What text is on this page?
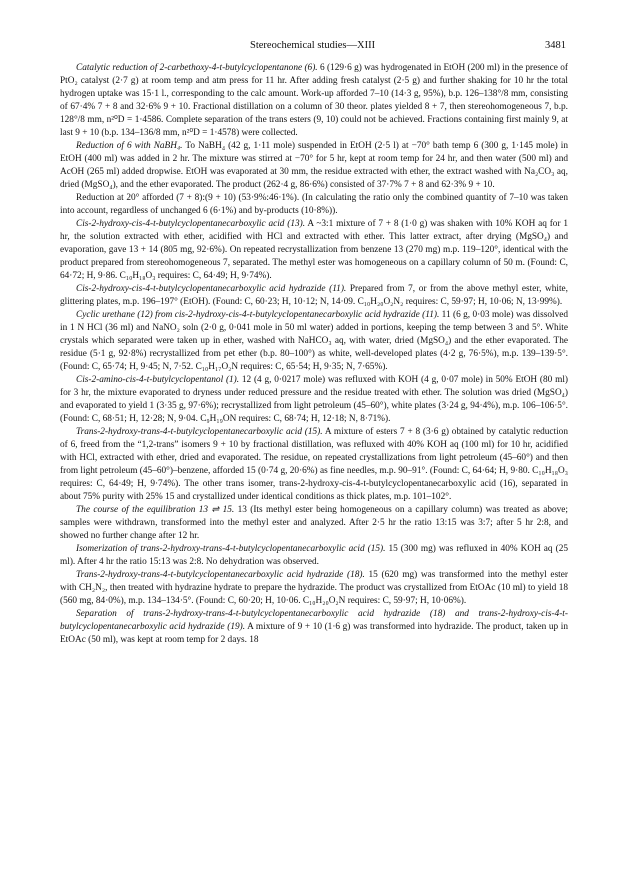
Stereochemical studies—XIII	3481

Catalytic reduction of 2-carbethoxy-4-t-butylcyclopentanone (6). 6 (129·6 g) was hydrogenated in EtOH (200 ml) in the presence of PtO₂ catalyst (2·7 g) at room temp and atm press for 11 hr. After adding fresh catalyst (2·5 g) and further shaking for 10 hr the total hydrogen uptake was 15·1 l., corresponding to the calc amount. Work-up afforded 7–10 (14·3 g, 95%), b.p. 126–138°/8 mm, consisting of 67·4% 7 + 8 and 32·6% 9 + 10. Fractional distillation on a column of 30 theor. plates yielded 8 + 7, then stereohomogeneous 7, b.p. 128°/8 mm, n²⁰D = 1·4586. Complete separation of the trans esters (9, 10) could not be achieved. Fractions containing first mainly 9, at last 9 + 10 (b.p. 134–136/8 mm, n²⁰D = 1·4578) were collected.

Reduction of 6 with NaBH₄. To NaBH₄ (42 g, 1·11 mole) suspended in EtOH (2·5 l) at −70° bath temp 6 (300 g, 1·145 mole) in EtOH (400 ml) was added in 2 hr. The mixture was stirred at −70° for 5 hr, kept at room temp for 24 hr, and then water (500 ml) and AcOH (265 ml) added dropwise. EtOH was evaporated at 30 mm, the residue extracted with ether, the extract washed with Na₂CO₃ aq, dried (MgSO₄), and the ether evaporated. The product (262·4 g, 86·6%) consisted of 37·7% 7 + 8 and 62·3% 9 + 10.

Reduction at 20° afforded (7 + 8):(9 + 10) (53·9%:46·1%). (In calculating the ratio only the combined quantity of 7–10 was taken into account, regardless of unchanged 6 (6·1%) and by-products (10·8%)).

Cis-2-hydroxy-cis-4-t-butylcyclopentanecarboxylic acid (13). A ~3:1 mixture of 7 + 8 (1·0 g) was shaken with 10% KOH aq for 1 hr, the solution extracted with ether, acidified with HCl and extracted with ether. This latter extract, after drying (MgSO₄) and evaporation, gave 13 + 14 (805 mg, 92·6%). On repeated recrystallization from benzene 13 (270 mg) m.p. 119–120°, identical with the product prepared from stereohomogeneous 7, separated. The methyl ester was homogeneous on a capillary column of 50 m. (Found: C, 64·72; H, 9·86. C₁₀H₁₈O₃ requires: C, 64·49; H, 9·74%).

Cis-2-hydroxy-cis-4-t-butylcyclopentanecarboxylic acid hydrazide (11). Prepared from 7, or from the above methyl ester, white, glittering plates, m.p. 196–197° (EtOH). (Found: C, 60·23; H, 10·12; N, 14·09. C₁₀H₂₀O₂N₂ requires: C, 59·97; H, 10·06; N, 13·99%).

Cyclic urethane (12) from cis-2-hydroxy-cis-4-t-butylcyclopentanecarboxylic acid hydrazide (11). 11 (6 g, 0·03 mole) was dissolved in 1 N HCl (36 ml) and NaNO₂ soln (2·0 g, 0·041 mole in 50 ml water) added in portions, keeping the temp between 3 and 5°. White crystals which separated were taken up in ether, washed with NaHCO₃ aq, with water, dried (MgSO₄) and the ether evaporated. The residue (5·1 g, 92·8%) recrystallized from pet ether (b.p. 80–100°) as white, well-developed plates (4·2 g, 76·5%), m.p. 139–139·5°. (Found: C, 65·74; H, 9·45; N, 7·52. C₁₀H₁₇O₂N requires: C, 65·54; H, 9·35; N, 7·65%).

Cis-2-amino-cis-4-t-butylcyclopentanol (1). 12 (4 g, 0·0217 mole) was refluxed with KOH (4 g, 0·07 mole) in 50% EtOH (80 ml) for 3 hr, the mixture evaporated to dryness under reduced pressure and the residue treated with ether. The solution was dried (MgSO₄) and evaporated to yield 1 (3·35 g, 97·6%); recrystallized from light petroleum (45–60°), white plates (3·24 g, 94·4%), m.p. 106–106·5°. (Found: C, 68·51; H, 12·28; N, 9·04. C₉H₁₉ON requires: C, 68·74; H, 12·18; N, 8·71%).

Trans-2-hydroxy-trans-4-t-butylcyclopentanecarboxylic acid (15). A mixture of esters 7 + 8 (3·6 g) obtained by catalytic reduction of 6, freed from the “1,2-trans” isomers 9 + 10 by fractional distillation, was refluxed with 40% KOH aq (100 ml) for 10 hr, acidified with HCl, extracted with ether, dried and evaporated. The residue, on repeated crystallizations from light petroleum (45–60°) and then from light petroleum (45–60°)–benzene, afforded 15 (0·74 g, 20·6%) as fine needles, m.p. 90–91°. (Found: C, 64·64; H, 9·80. C₁₀H₁₈O₃ requires: C, 64·49; H, 9·74%). The other trans isomer, trans-2-hydroxy-cis-4-t-butylcyclopentanecarboxylic acid (16), separated in about 75% purity with 25% 15 and crystallized under identical conditions as thick plates, m.p. 101–102°.

The course of the equilibration 13 ⇌ 15. 13 (Its methyl ester being homogeneous on a capillary column) was treated as above; samples were withdrawn, transformed into the methyl ester and analyzed. After 2·5 hr the ratio 13:15 was 3:7; after 5 hr 2:8, and showed no further change after 12 hr.

Isomerization of trans-2-hydroxy-trans-4-t-butylcyclopentanecarboxylic acid (15). 15 (300 mg) was refluxed in 40% KOH aq (25 ml). After 4 hr the ratio 15:13 was 2:8. No dehydration was observed.

Trans-2-hydroxy-trans-4-t-butylcyclopentanecarboxylic acid hydrazide (18). 15 (620 mg) was transformed into the methyl ester with CH₂N₂, then treated with hydrazine hydrate to prepare the hydrazide. The product was crystallized from EtOAc (10 ml) to yield 18 (560 mg, 84·0%), m.p. 134–134·5°. (Found: C, 60·20; H, 10·06. C₁₀H₂₀O₂N requires: C, 59·97; H, 10·06%).

Separation of trans-2-hydroxy-trans-4-t-butylcyclopentanecarboxylic acid hydrazide (18) and trans-2-hydroxy-cis-4-t-butylcyclopentanecarboxylic acid hydrazide (19). A mixture of 9 + 10 (1·6 g) was transformed into hydrazide. The product, taken up in EtOAc (50 ml), was kept at room temp for 2 days. 18
